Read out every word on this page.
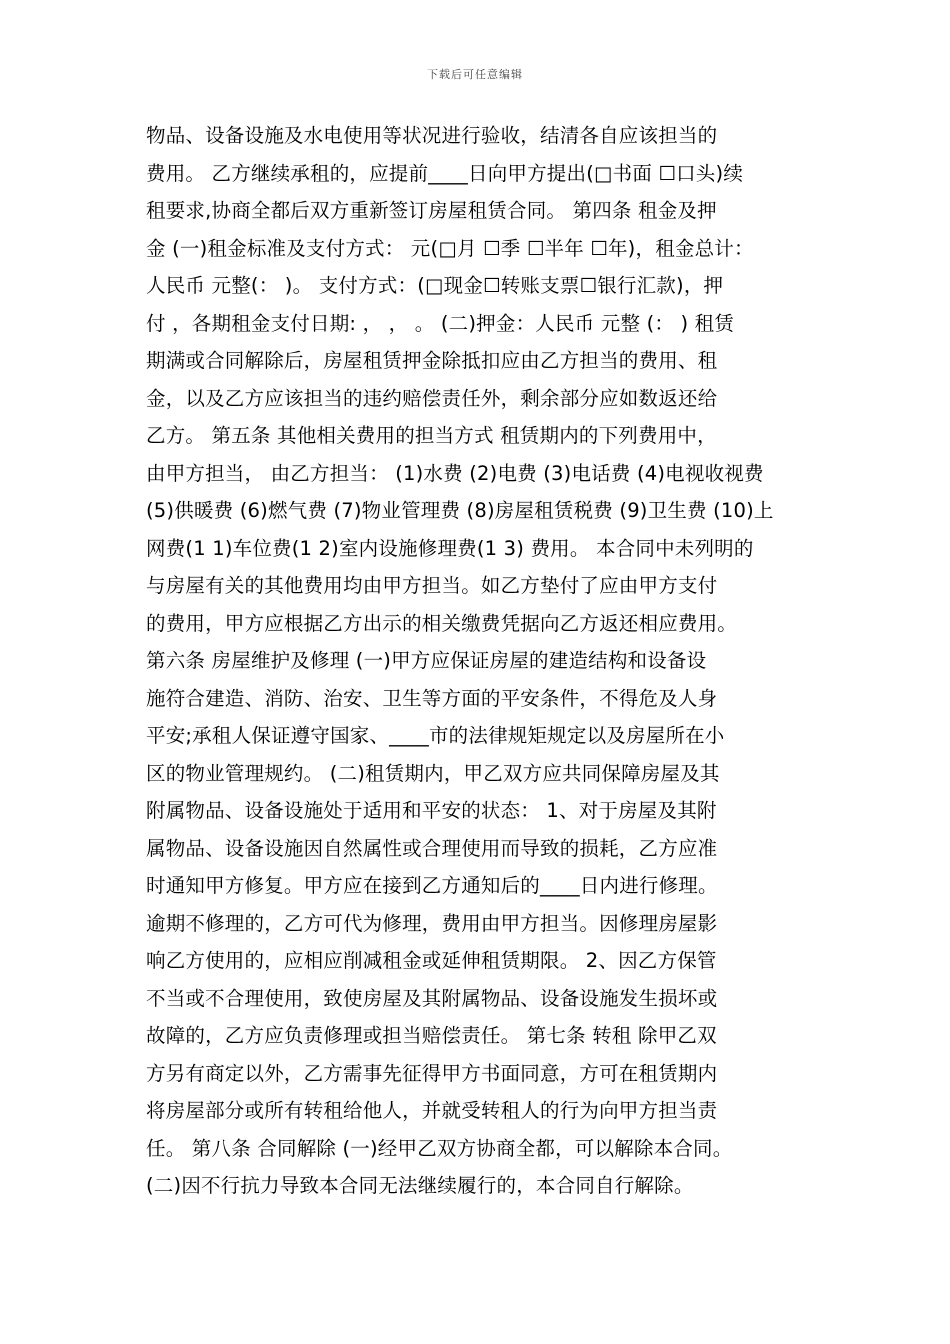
下载后可任意编辑
物品、设备设施及水电使用等状况进行验收，结清各自应该担当的
费用。 乙方继续承租的，应提前____日向甲方提出(□书面 ☐口头)续
租要求,协商全都后双方重新签订房屋租赁合同。 第四条 租金及押
金 (一)租金标准及支付方式： 元(□月 ☐季 ☐半年 ☐年)，租金总计：
人民币 元整(： )。 支付方式：(□现金☐转账支票☐银行汇款)，押
付 ，各期租金支付日期: ， ， 。 (二)押金：人民币 元整 (： ) 租赁
期满或合同解除后，房屋租赁押金除抵扣应由乙方担当的费用、租
金，以及乙方应该担当的违约赔偿责任外，剩余部分应如数返还给
乙方。 第五条 其他相关费用的担当方式 租赁期内的下列费用中，
由甲方担当， 由乙方担当： (1)水费 (2)电费 (3)电话费 (4)电视收视费
(5)供暖费 (6)燃气费 (7)物业管理费 (8)房屋租赁税费 (9)卫生费 (10)上
网费(1 1)车位费(1 2)室内设施修理费(1 3) 费用。 本合同中未列明的
与房屋有关的其他费用均由甲方担当。如乙方垫付了应由甲方支付
的费用，甲方应根据乙方出示的相关缴费凭据向乙方返还相应费用。
第六条 房屋维护及修理 (一)甲方应保证房屋的建造结构和设备设
施符合建造、消防、治安、卫生等方面的平安条件，不得危及人身
平安;承租人保证遵守国家、____市的法律规矩规定以及房屋所在小
区的物业管理规约。 (二)租赁期内，甲乙双方应共同保障房屋及其
附属物品、设备设施处于适用和平安的状态： 1、对于房屋及其附
属物品、设备设施因自然属性或合理使用而导致的损耗，乙方应准
时通知甲方修复。甲方应在接到乙方通知后的____日内进行修理。
逾期不修理的，乙方可代为修理，费用由甲方担当。因修理房屋影
响乙方使用的，应相应削减租金或延伸租赁期限。 2、因乙方保管
不当或不合理使用，致使房屋及其附属物品、设备设施发生损坏或
故障的，乙方应负责修理或担当赔偿责任。 第七条 转租 除甲乙双
方另有商定以外，乙方需事先征得甲方书面同意，方可在租赁期内
将房屋部分或所有转租给他人，并就受转租人的行为向甲方担当责
任。 第八条 合同解除 (一)经甲乙双方协商全都，可以解除本合同。
(二)因不行抗力导致本合同无法继续履行的，本合同自行解除。
